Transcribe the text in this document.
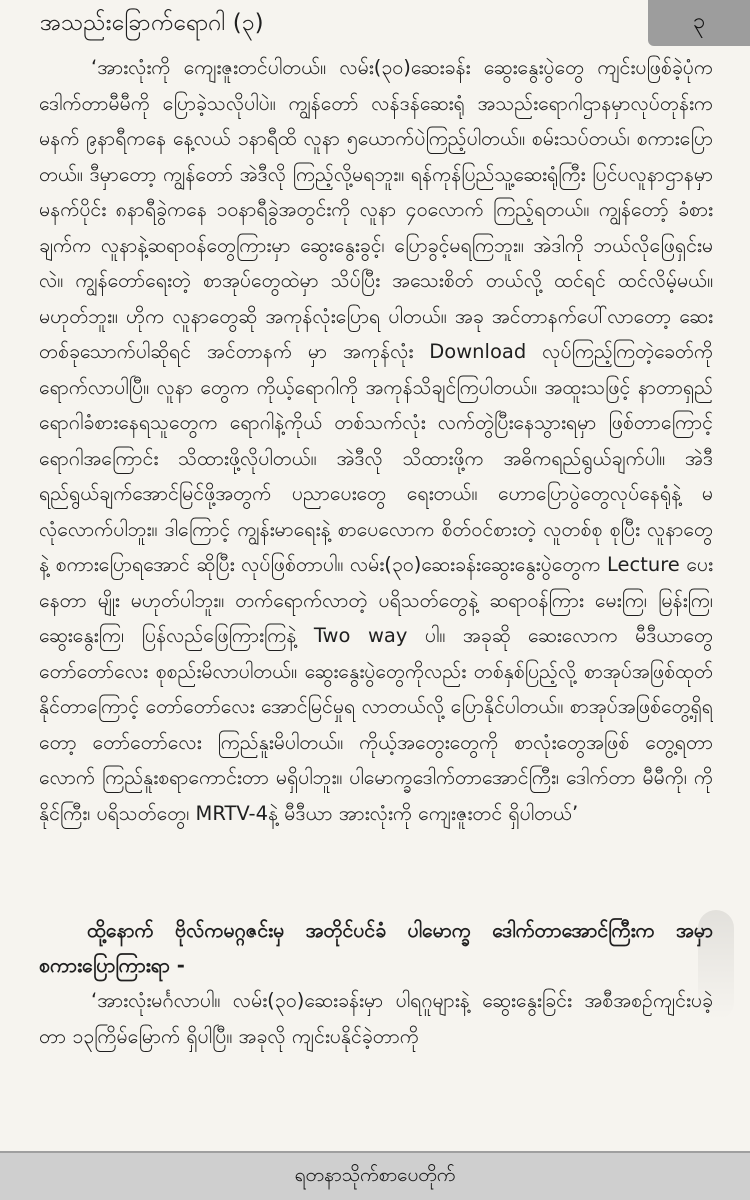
အသည်းခြောက်ရောဂါ (၃)	၃

‘အားလုံးကို ကျေးဇူးတင်ပါတယ်။ လမ်း(၃၀)ဆေးခန်း ဆွေးနွေးပွဲတွေ ကျင်းပဖြစ်ခဲ့ပုံက ဒေါက်တာမီမီကို ပြောခဲ့သလိုပါပဲ။ ကျွန်တော် လန်ဒန်ဆေးရုံ အသည်းရောဂါဌာနမှာလုပ်တုန်းက မနက် ၉နာရီကနေ နေ့လယ် ၁နာရီထိ လူနာ ၅ယောက်ပဲကြည့်ပါတယ်။ စမ်းသပ်တယ်၊ စကားပြောတယ်။ ဒီမှာတော့ ကျွန်တော် အဲဒီလို ကြည့်လို့မရဘူး။ ရန်ကုန်ပြည်သူ့ဆေးရုံကြီး ပြင်ပလူနာဌာနမှာ မနက်ပိုင်း ၈နာရီခွဲကနေ ၁၀နာရီခွဲအတွင်းကို လူနာ ၄၀လောက် ကြည့်ရတယ်။ ကျွန်တော့် ခံစားချက်က လူနာနဲ့ဆရာဝန်တွေကြားမှာ ဆွေးနွေးခွင့်၊ ပြောခွင့်မရကြဘူး။ အဲဒါကို ဘယ်လိုဖြေရှင်းမလဲ။ ကျွန်တော်ရေးတဲ့ စာအုပ်တွေထဲမှာ သိပ်ပြီး အသေးစိတ် တယ်လို့ ထင်ရင် ထင်လိမ့်မယ်။ မဟုတ်ဘူး။ ဟိုက လူနာတွေဆို အကုန်လုံးပြောရ ပါတယ်။ အခု အင်တာနက်ပေါ်လာတော့ ဆေးတစ်ခုသောက်ပါဆိုရင် အင်တာနက် မှာ အကုန်လုံး Download လုပ်ကြည့်ကြတဲ့ခေတ်ကို ရောက်လာပါပြီ။ လူနာ တွေက ကိုယ့်ရောဂါကို အကုန်သိချင်ကြပါတယ်။ အထူးသဖြင့် နာတာရှည် ရောဂါခံစားနေရသူတွေက ရောဂါနဲ့ကိုယ် တစ်သက်လုံး လက်တွဲပြီးနေသွားရမှာ ဖြစ်တာကြောင့် ရောဂါအကြောင်း သိထားဖို့လိုပါတယ်။ အဲဒီလို သိထားဖို့က အဓိကရည်ရွယ်ချက်ပါ။ အဲဒီရည်ရွယ်ချက်အောင်မြင်ဖို့အတွက် ပညာပေးတွေ ရေးတယ်။ ဟောပြောပွဲတွေလုပ်နေရုံနဲ့ မလုံလောက်ပါဘူး။ ဒါကြောင့် ကျွန်းမာရေးနဲ့ စာပေလောက စိတ်ဝင်စားတဲ့ လူတစ်စု စုပြီး လူနာတွေနဲ့ စကားပြောရအောင် ဆိုပြီး လုပ်ဖြစ်တာပါ။ လမ်း(၃၀)ဆေးခန်းဆွေးနွေးပွဲတွေက Lecture ပေးနေတာ မျိုး မဟုတ်ပါဘူး။ တက်ရောက်လာတဲ့ ပရိသတ်တွေနဲ့ ဆရာဝန်ကြား မေးကြ၊ မြန်းကြ၊ ဆွေးနွေးကြ၊ ပြန်လည်ဖြေကြားကြနဲ့ Two way ပါ။ အခုဆို ဆေးလောက မီဒီယာတွေ တော်တော်လေး စုစည်းမိလာပါတယ်။ ဆွေးနွေးပွဲတွေကိုလည်း တစ်နှစ်ပြည့်လို့ စာအုပ်အဖြစ်ထုတ်နိုင်တာကြောင့် တော်တော်လေး အောင်မြင်မှုရ လာတယ်လို့ ပြောနိုင်ပါတယ်။ စာအုပ်အဖြစ်တွေ့ရှိရတော့ တော်တော်လေး ကြည်နူးမိပါတယ်။ ကိုယ့်အတွေးတွေကို စာလုံးတွေအဖြစ် တွေ့ရတာလောက် ကြည်နူးစရာကောင်းတာ မရှိပါဘူး။ ပါမောက္ခဒေါက်တာအောင်ကြီး၊ ဒေါက်တာ မီမီကို၊ ကိုနိုင်ကြီး၊ ပရိသတ်တွေ၊ MRTV-4နဲ့ မီဒီယာ အားလုံးကို ကျေးဇူးတင် ရှိပါတယ်’

ထို့နောက် ဗိုလ်ကမဂ္ဂဇင်းမှ အတိုင်ပင်ခံ ပါမောက္ခ ဒေါက်တာအောင်ကြီးက အမှာစကားပြောကြားရာ -

‘အားလုံးမင်္ဂလာပါ။ လမ်း(၃၀)ဆေးခန်းမှာ ပါရဂူများနဲ့ ဆွေးနွေးခြင်း အစီအစဉ်ကျင်းပခဲ့တာ ၁၃ကြိမ်မြောက် ရှိပါပြီ။ အခုလို ကျင်းပနိုင်ခဲ့တာကို

ရတနာသိုက်စာပေတိုက်
